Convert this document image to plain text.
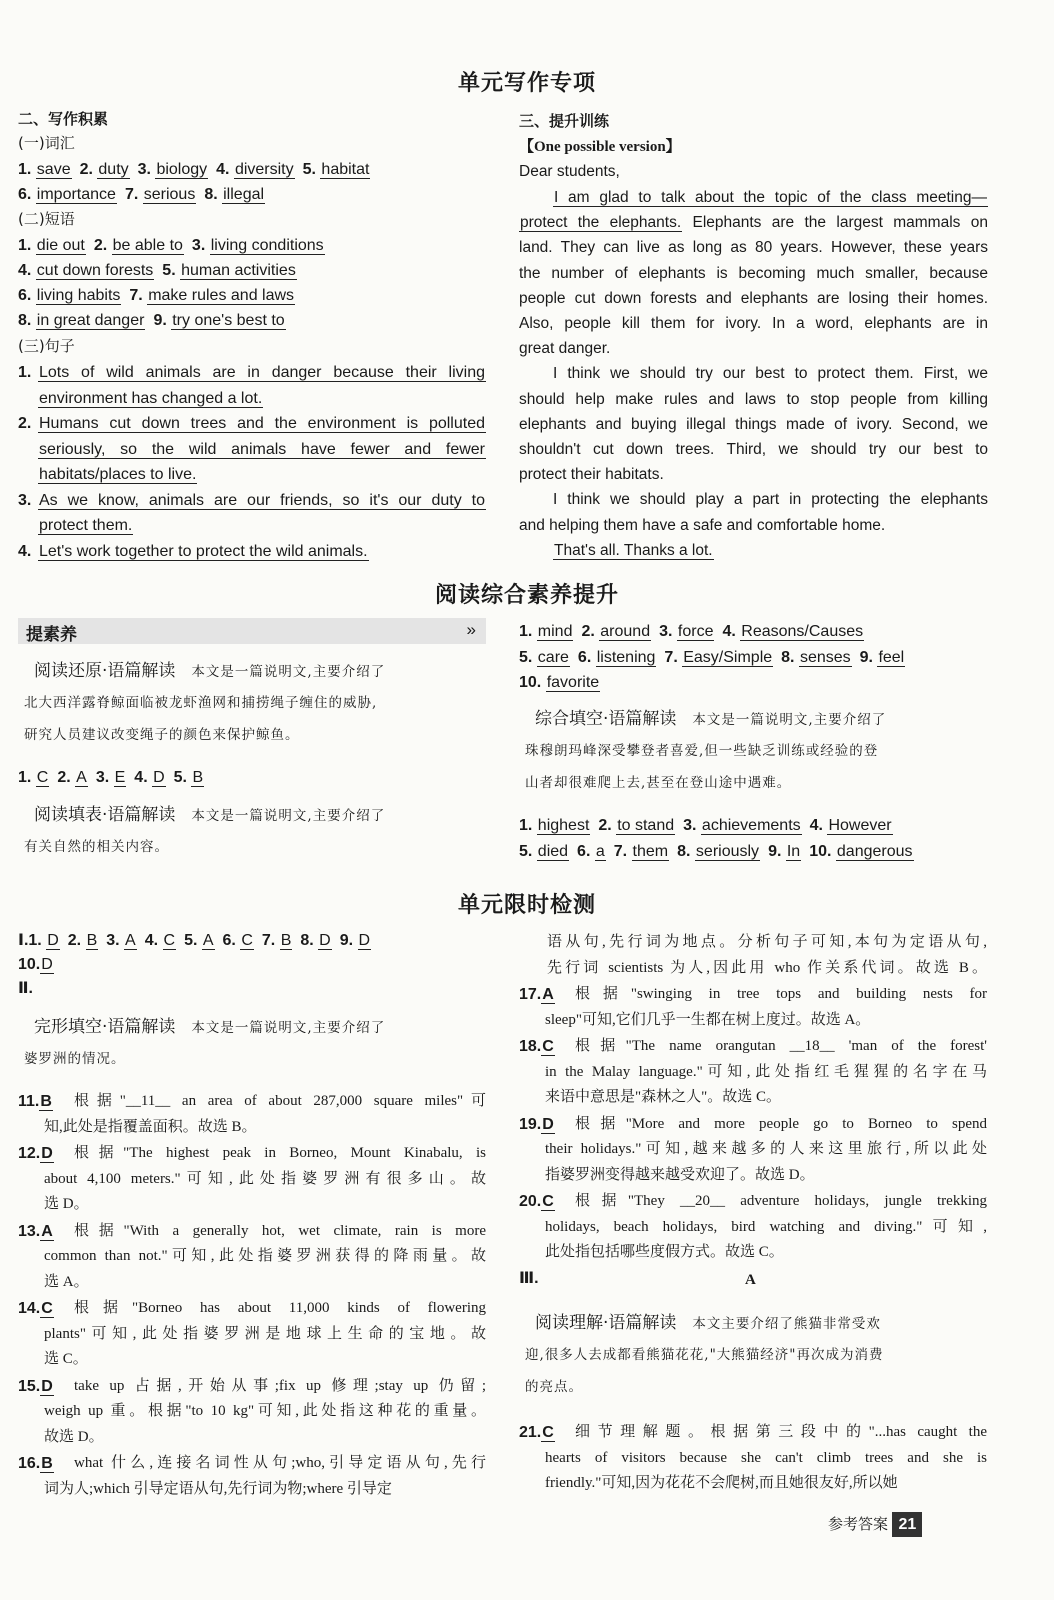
单元写作专项
阅读综合素养提升
单元限时检测
二、写作积累
(一)词汇
1. save  2. duty  3. biology  4. diversity  5. habitat
6. importance  7. serious  8. illegal
(二)短语
1. die out  2. be able to  3. living conditions
4. cut down forests  5. human activities
6. living habits  7. make rules and laws
8. in great danger  9. try one's best to
(三)句子
1. Lots of wild animals are in danger because their living
environment has changed a lot.
2. Humans cut down trees and the environment is polluted
seriously, so the wild animals have fewer and fewer
habitats/places to live.
3. As we know, animals are our friends, so it's our duty to
protect them.
4. Let's work together to protect the wild animals.
三、提升训练
【One possible version】
Dear students,
I am glad to talk about the topic of the class meeting—
protect the elephants. Elephants are the largest mammals on
land. They can live as long as 80 years. However, these years
the number of elephants is becoming much smaller, because
people cut down forests and elephants are losing their homes.
Also, people kill them for ivory. In a word, elephants are in
great danger.
I think we should try our best to protect them. First, we
should help make rules and laws to stop people from killing
elephants and buying illegal things made of ivory. Second, we
shouldn't cut down trees. Third, we should try our best to
protect their habitats.
I think we should play a part in protecting the elephants
and helping them have a safe and comfortable home.
That's all. Thanks a lot.
提素养	»
阅读还原·语篇解读  本文是一篇说明文,主要介绍了
北大西洋露脊鲸面临被龙虾渔网和捕捞绳子缠住的威胁,
研究人员建议改变绳子的颜色来保护鲸鱼。
1. C  2. A  3. E  4. D  5. B
阅读填表·语篇解读  本文是一篇说明文,主要介绍了
有关自然的相关内容。
1. mind  2. around  3. force  4. Reasons/Causes
5. care  6. listening  7. Easy/Simple  8. senses  9. feel
10. favorite
综合填空·语篇解读  本文是一篇说明文,主要介绍了
珠穆朗玛峰深受攀登者喜爱,但一些缺乏训练或经验的登
山者却很难爬上去,甚至在登山途中遇难。
1. highest  2. to stand  3. achievements  4. However
5. died  6. a  7. them  8. seriously  9. In  10. dangerous
Ⅰ.1. D  2. B  3. A  4. C  5. A  6. C  7. B  8. D  9. D
10.D
Ⅱ.
完形填空·语篇解读  本文是一篇说明文,主要介绍了
婆罗洲的情况。
11.B 根据"__11__ an area of about 287,000 square miles"可
知,此处是指覆盖面积。故选 B。
12.D 根据"The highest peak in Borneo, Mount Kinabalu, is
about 4,100 meters."可知,此处指婆罗洲有很多山。故
选 D。
13.A 根据"With a generally hot, wet climate, rain is more
common than not."可知,此处指婆罗洲获得的降雨量。故
选 A。
14.C 根据"Borneo has about 11,000 kinds of flowering
plants"可知,此处指婆罗洲是地球上生命的宝地。故
选 C。
15.D take up 占据,开始从事;fix up 修理;stay up 仍留;
weigh up 重。根据"to 10 kg"可知,此处指这种花的重量。
故选 D。
16.B what 什么,连接名词性从句;who,引导定语从句,先行
词为人;which 引导定语从句,先行词为物;where 引导定
语从句,先行词为地点。分析句子可知,本句为定语从句,
先行词 scientists 为人,因此用 who 作关系代词。故选 B。
17.A 根据"swinging in tree tops and building nests for
sleep"可知,它们几乎一生都在树上度过。故选 A。
18.C 根据"The name orangutan __18__ 'man of the forest'
in the Malay language."可知,此处指红毛猩猩的名字在马
来语中意思是"森林之人"。故选 C。
19.D 根据"More and more people go to Borneo to spend
their holidays."可知,越来越多的人来这里旅行,所以此处
指婆罗洲变得越来越受欢迎了。故选 D。
20.C 根据"They __20__ adventure holidays, jungle trekking
holidays, beach holidays, bird watching and diving."可知,
此处指包括哪些度假方式。故选 C。
Ⅲ.	A
阅读理解·语篇解读  本文主要介绍了熊猫非常受欢
迎,很多人去成都看熊猫花花,"大熊猫经济"再次成为消费
的亮点。
21.C 细节理解题。根据第三段中的"...has caught the
hearts of visitors because she can't climb trees and she is
friendly."可知,因为花花不会爬树,而且她很友好,所以她
参考答案 21
